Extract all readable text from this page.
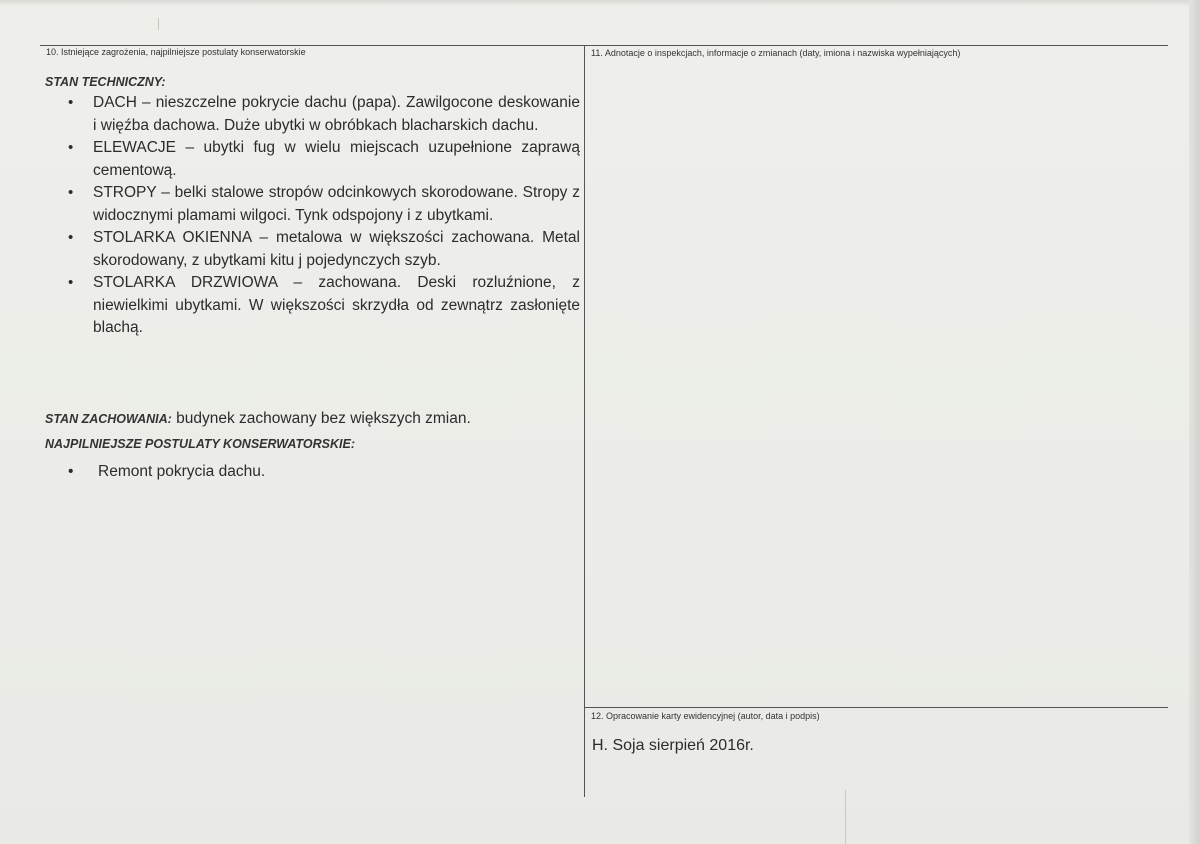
10. Istniejące zagrożenia, najpilniejsze postulaty konserwatorskie
STAN TECHNICZNY:
• DACH – nieszczelne pokrycie dachu (papa). Zawilgocone deskowanie i więźba dachowa. Duże ubytki w obróbkach blacharskich dachu.
• ELEWACJE – ubytki fug w wielu miejscach uzupełnione zaprawą cementową.
• STROPY – belki stalowe stropów odcinkowych skorodowane. Stropy z widocznymi plamami wilgoci. Tynk odspojony i z ubytkami.
• STOLARKA OKIENNA – metalowa w większości zachowana. Metal skorodowany, z ubytkami kitu j pojedynczych szyb.
• STOLARKA DRZWIOWA – zachowana. Deski rozluźnione, z niewielkimi ubytkami. W większości skrzydła od zewnątrz zasłonięte blachą.
STAN ZACHOWANIA: budynek zachowany bez większych zmian.
NAJPILNIEJSZE POSTULATY KONSERWATORSKIE:
• Remont pokrycia dachu.
11. Adnotacje o inspekcjach, informacje o zmianach (daty, imiona i nazwiska wypełniających)
12. Opracowanie karty ewidencyjnej (autor, data i podpis)
H. Soja sierpień 2016r.
